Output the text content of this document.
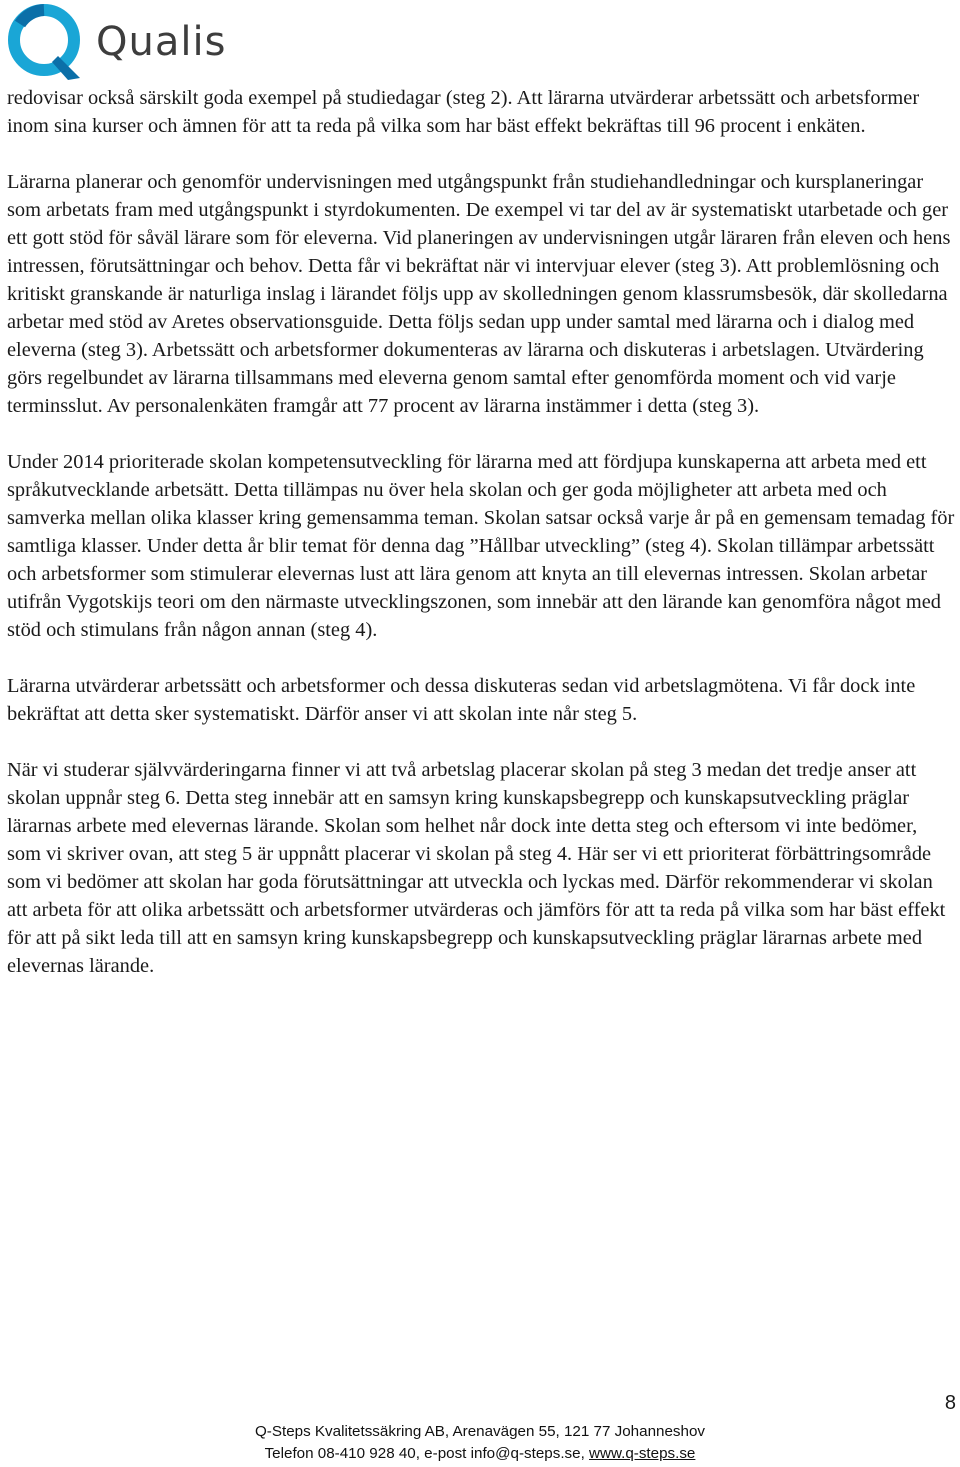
Qualis

redovisar också särskilt goda exempel på studiedagar (steg 2). Att lärarna utvärderar arbetssätt och arbetsformer inom sina kurser och ämnen för att ta reda på vilka som har bäst effekt bekräftas till 96 procent i enkäten.

Lärarna planerar och genomför undervisningen med utgångspunkt från studiehandledningar och kursplaneringar som arbetats fram med utgångspunkt i styrdokumenten. De exempel vi tar del av är systematiskt utarbetade och ger ett gott stöd för såväl lärare som för eleverna. Vid planeringen av undervisningen utgår läraren från eleven och hens intressen, förutsättningar och behov. Detta får vi bekräftat när vi intervjuar elever (steg 3). Att problemlösning och kritiskt granskande är naturliga inslag i lärandet följs upp av skolledningen genom klassrumsbesök, där skolledarna arbetar med stöd av Aretes observationsguide. Detta följs sedan upp under samtal med lärarna och i dialog med eleverna (steg 3). Arbetssätt och arbetsformer dokumenteras av lärarna och diskuteras i arbetslagen. Utvärdering görs regelbundet av lärarna tillsammans med eleverna genom samtal efter genomförda moment och vid varje terminsslut. Av personalenkäten framgår att 77 procent av lärarna instämmer i detta (steg 3).

Under 2014 prioriterade skolan kompetensutveckling för lärarna med att fördjupa kunskaperna att arbeta med ett språkutvecklande arbetsätt. Detta tillämpas nu över hela skolan och ger goda möjligheter att arbeta med och samverka mellan olika klasser kring gemensamma teman. Skolan satsar också varje år på en gemensam temadag för samtliga klasser. Under detta år blir temat för denna dag ”Hållbar utveckling” (steg 4). Skolan tillämpar arbetssätt och arbetsformer som stimulerar elevernas lust att lära genom att knyta an till elevernas intressen. Skolan arbetar utifrån Vygotskijs teori om den närmaste utvecklingszonen, som innebär att den lärande kan genomföra något med stöd och stimulans från någon annan (steg 4).

Lärarna utvärderar arbetssätt och arbetsformer och dessa diskuteras sedan vid arbetslagmötena. Vi får dock inte bekräftat att detta sker systematiskt. Därför anser vi att skolan inte når steg 5.

När vi studerar självvärderingarna finner vi att två arbetslag placerar skolan på steg 3 medan det tredje anser att skolan uppnår steg 6. Detta steg innebär att en samsyn kring kunskapsbegrepp och kunskapsutveckling präglar lärarnas arbete med elevernas lärande. Skolan som helhet når dock inte detta steg och eftersom vi inte bedömer, som vi skriver ovan, att steg 5 är uppnått placerar vi skolan på steg 4. Här ser vi ett prioriterat förbättringsområde som vi bedömer att skolan har goda förutsättningar att utveckla och lyckas med. Därför rekommenderar vi skolan att arbeta för att olika arbetssätt och arbetsformer utvärderas och jämförs för att ta reda på vilka som har bäst effekt för att på sikt leda till att en samsyn kring kunskapsbegrepp och kunskapsutveckling präglar lärarnas arbete med elevernas lärande.

8
Q-Steps Kvalitetssäkring AB, Arenavägen 55, 121 77 Johanneshov
Telefon 08-410 928 40, e-post info@q-steps.se, www.q-steps.se
